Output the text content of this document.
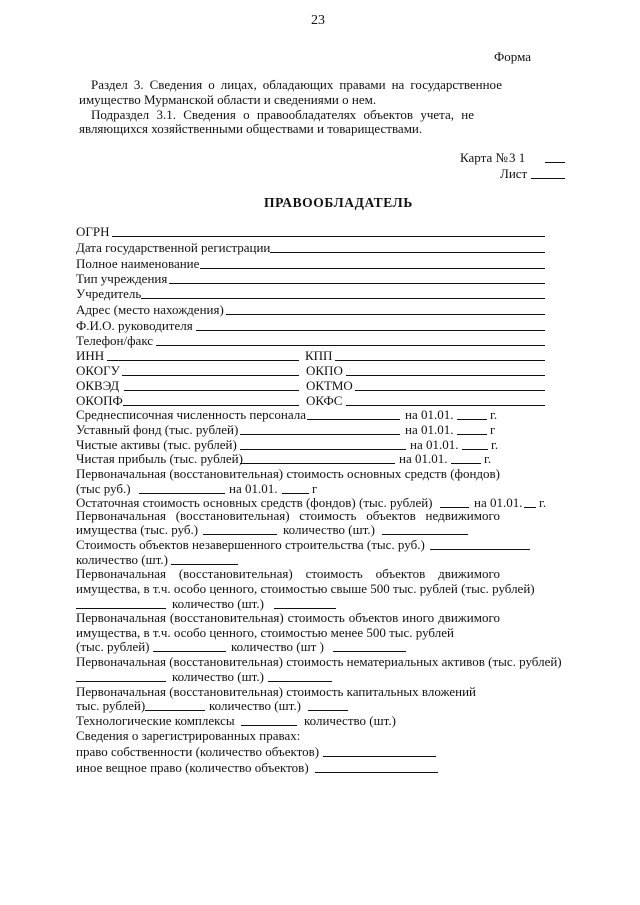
23
Форма
Раздел 3. Сведения о лицах, обладающих правами на государственное
имущество Мурманской области и сведениями о нем.
Подраздел 3.1. Сведения о правообладателях объектов учета, не
являющихся хозяйственными обществами и товариществами.
Карта № 3 1
Лист
ПРАВООБЛАДАТЕЛЬ
ОГРН
Дата государственной регистрации
Полное наименование
Тип учреждения
Учредитель
Адрес (место нахождения)
Ф.И.О. руководителя
Телефон/факс
ИНН	КПП
ОКОГУ	ОКПО
ОКВЭД	ОКТМО
ОКОПФ	ОКФС
Среднесписочная численность персонала	на 01.01.	г.
Уставный фонд (тыс. рублей)	на 01.01.	г
Чистые активы (тыс. рублей)	на 01.01.	г.
Чистая прибыль (тыс. рублей)	на 01.01.	г.
Первоначальная (восстановительная) стоимость основных средств (фондов)
(тыс руб.)	на 01.01.	г
Остаточная стоимость основных средств (фондов) (тыс. рублей)	на 01.01. г.
Первоначальная (восстановительная) стоимость объектов недвижимого
имущества (тыс. руб.)	количество (шт.)
Стоимость объектов незавершенного строительства (тыс. руб.)
количество (шт.)
Первоначальная (восстановительная) стоимость объектов движимого
имущества, в т.ч. особо ценного, стоимостью свыше 500 тыс. рублей (тыс. рублей)
количество (шт.)
Первоначальная (восстановительная) стоимость объектов иного движимого
имущества, в т.ч. особо ценного, стоимостью менее 500 тыс. рублей
(тыс. рублей)	количество (шт )
Первоначальная (восстановительная) стоимость нематериальных активов (тыс. рублей)
количество (шт.)
Первоначальная (восстановительная) стоимость капитальных вложений
тыс. рублей)	количество (шт.)
Технологические комплексы	количество (шт.)
Сведения о зарегистрированных правах:
право собственности (количество объектов)
иное вещное право (количество объектов)
